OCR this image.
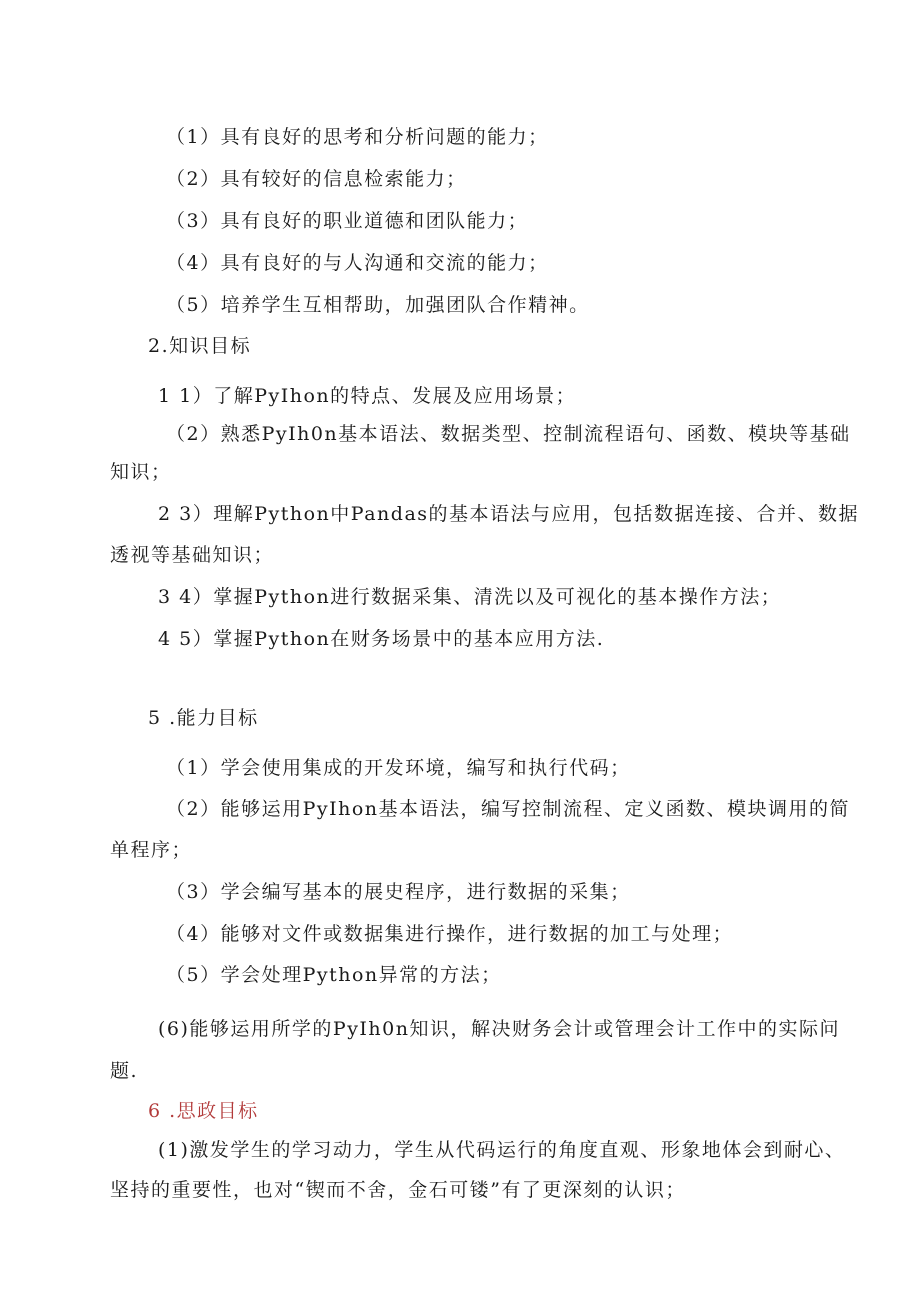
（1）具有良好的思考和分析问题的能力；
（2）具有较好的信息检索能力；
（3）具有良好的职业道德和团队能力；
（4）具有良好的与人沟通和交流的能力；
（5）培养学生互相帮助，加强团队合作精神。
2.知识目标
1 1）了解PyIhon的特点、发展及应用场景；
（2）熟悉PyIh0n基本语法、数据类型、控制流程语句、函数、模块等基础
知识；
2 3）理解Python中Pandas的基本语法与应用，包括数据连接、合并、数据
透视等基础知识；
3 4）掌握Python进行数据采集、清洗以及可视化的基本操作方法；
4 5）掌握Python在财务场景中的基本应用方法.
5 .能力目标
（1）学会使用集成的开发环境，编写和执行代码；
（2）能够运用PyIhon基本语法，编写控制流程、定义函数、模块调用的简
单程序；
（3）学会编写基本的展史程序，进行数据的采集；
（4）能够对文件或数据集进行操作，进行数据的加工与处理；
（5）学会处理Python异常的方法；
(6)能够运用所学的PyIh0n知识，解决财务会计或管理会计工作中的实际问
题.
6 .思政目标
(1)激发学生的学习动力，学生从代码运行的角度直观、形象地体会到耐心、
坚持的重要性，也对“锲而不舍，金石可镂”有了更深刻的认识；
